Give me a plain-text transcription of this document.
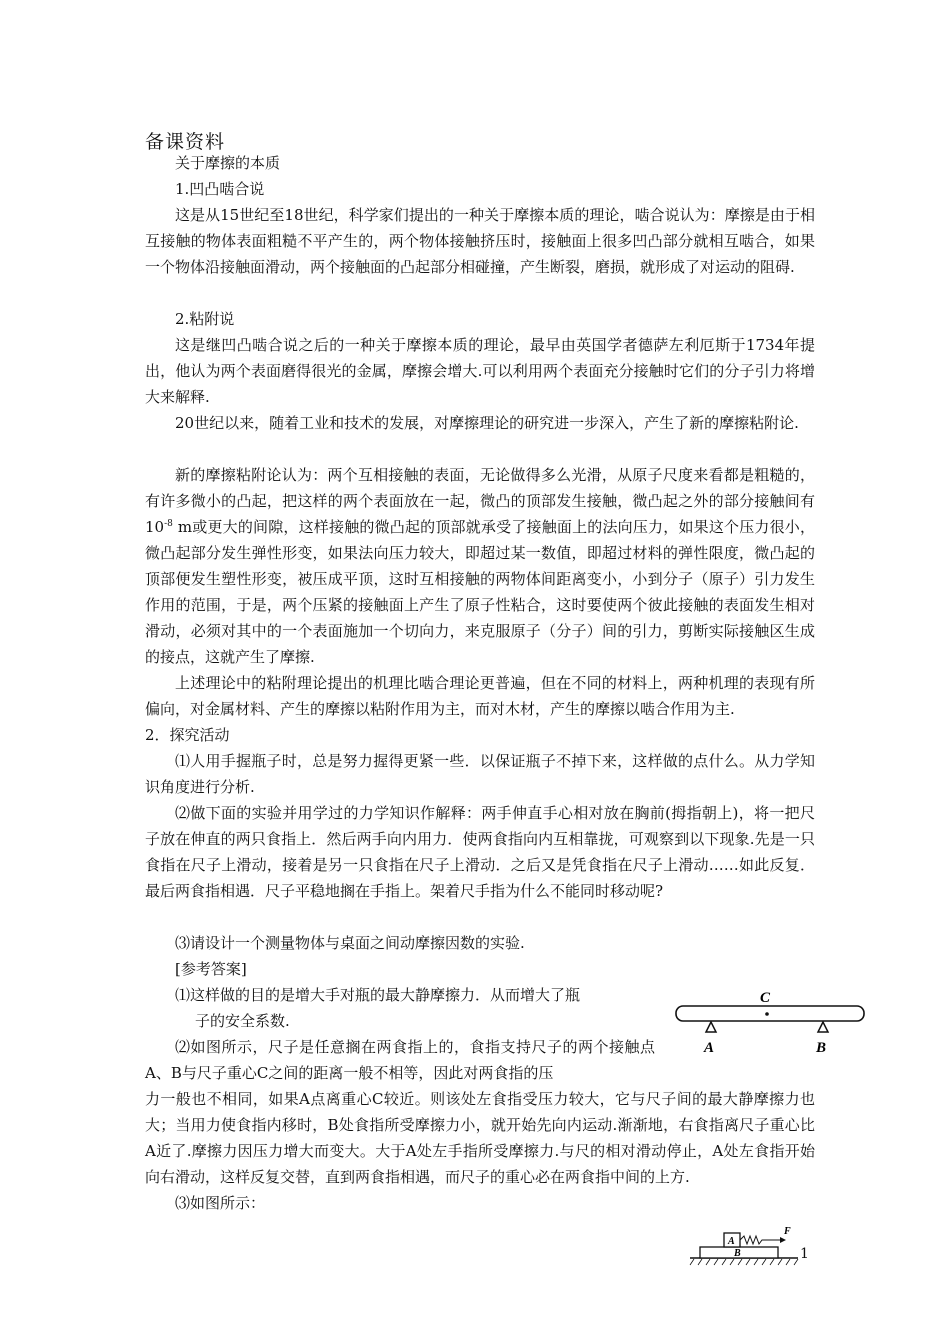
备课资料
关于摩擦的本质
1.凹凸啮合说
这是从15世纪至18世纪，科学家们提出的一种关于摩擦本质的理论，啮合说认为：摩擦是由于相互接触的物体表面粗糙不平产生的，两个物体接触挤压时，接触面上很多凹凸部分就相互啮合，如果一个物体沿接触面滑动，两个接触面的凸起部分相碰撞，产生断裂，磨损，就形成了对运动的阻碍.
2.粘附说
这是继凹凸啮合说之后的一种关于摩擦本质的理论，最早由英国学者德萨左利厄斯于1734年提出，他认为两个表面磨得很光的金属，摩擦会增大.可以利用两个表面充分接触时它们的分子引力将增大来解释.
20世纪以来，随着工业和技术的发展，对摩擦理论的研究进一步深入，产生了新的摩擦粘附论.
新的摩擦粘附论认为：两个互相接触的表面，无论做得多么光滑，从原子尺度来看都是粗糙的，有许多微小的凸起，把这样的两个表面放在一起，微凸的顶部发生接触，微凸起之外的部分接触间有$10^{-8}$ m或更大的间隙，这样接触的微凸起的顶部就承受了接触面上的法向压力，如果这个压力很小，微凸起部分发生弹性形变，如果法向压力较大，即超过某一数值，即超过材料的弹性限度，微凸起的顶部便发生塑性形变，被压成平顶，这时互相接触的两物体间距离变小，小到分子（原子）引力发生作用的范围，于是，两个压紧的接触面上产生了原子性粘合，这时要使两个彼此接触的表面发生相对滑动，必须对其中的一个表面施加一个切向力，来克服原子（分子）间的引力，剪断实际接触区生成的接点，这就产生了摩擦.
上述理论中的粘附理论提出的机理比啮合理论更普遍，但在不同的材料上，两种机理的表现有所偏向，对金属材料、产生的摩擦以粘附作用为主，而对木材，产生的摩擦以啮合作用为主.
2．探究活动
⑴人用手握瓶子时，总是努力握得更紧一些．以保证瓶子不掉下来，这样做的点什么。从力学知识角度进行分析.
⑵做下面的实验并用学过的力学知识作解释：两手伸直手心相对放在胸前(拇指朝上)，将一把尺子放在伸直的两只食指上．然后两手向内用力．使两食指向内互相靠拢，可观察到以下现象.先是一只食指在尺子上滑动，接着是另一只食指在尺子上滑动．之后又是凭食指在尺子上滑动……如此反复．最后两食指相遇．尺子平稳地搁在手指上。架着尺手指为什么不能同时移动呢?
⑶请设计一个测量物体与桌面之间动摩擦因数的实验.
[参考答案]
⑴这样做的目的是增大手对瓶的最大静摩擦力．从而增大了瓶
子的安全系数.
⑵如图所示，尺子是任意搁在两食指上的，食指支持尺子的两个接触点A、B与尺子重心C之间的距离一般不相等，因此对两食指的压
力一般也不相同，如果A点离重心C较近。则该处左食指受压力较大，它与尺子间的最大静摩擦力也大；当用力使食指内移时，B处食指所受摩擦力小，就开始先向内运动.渐渐地，右食指离尺子重心比A近了.摩擦力因压力增大而变大。大于A处左手指所受摩擦力.与尺的相对滑动停止，A处左食指开始向右滑动，这样反复交替，直到两食指相遇，而尺子的重心必在两食指中间的上方.
⑶如图所示：
C
A	B
A
B
F
1
